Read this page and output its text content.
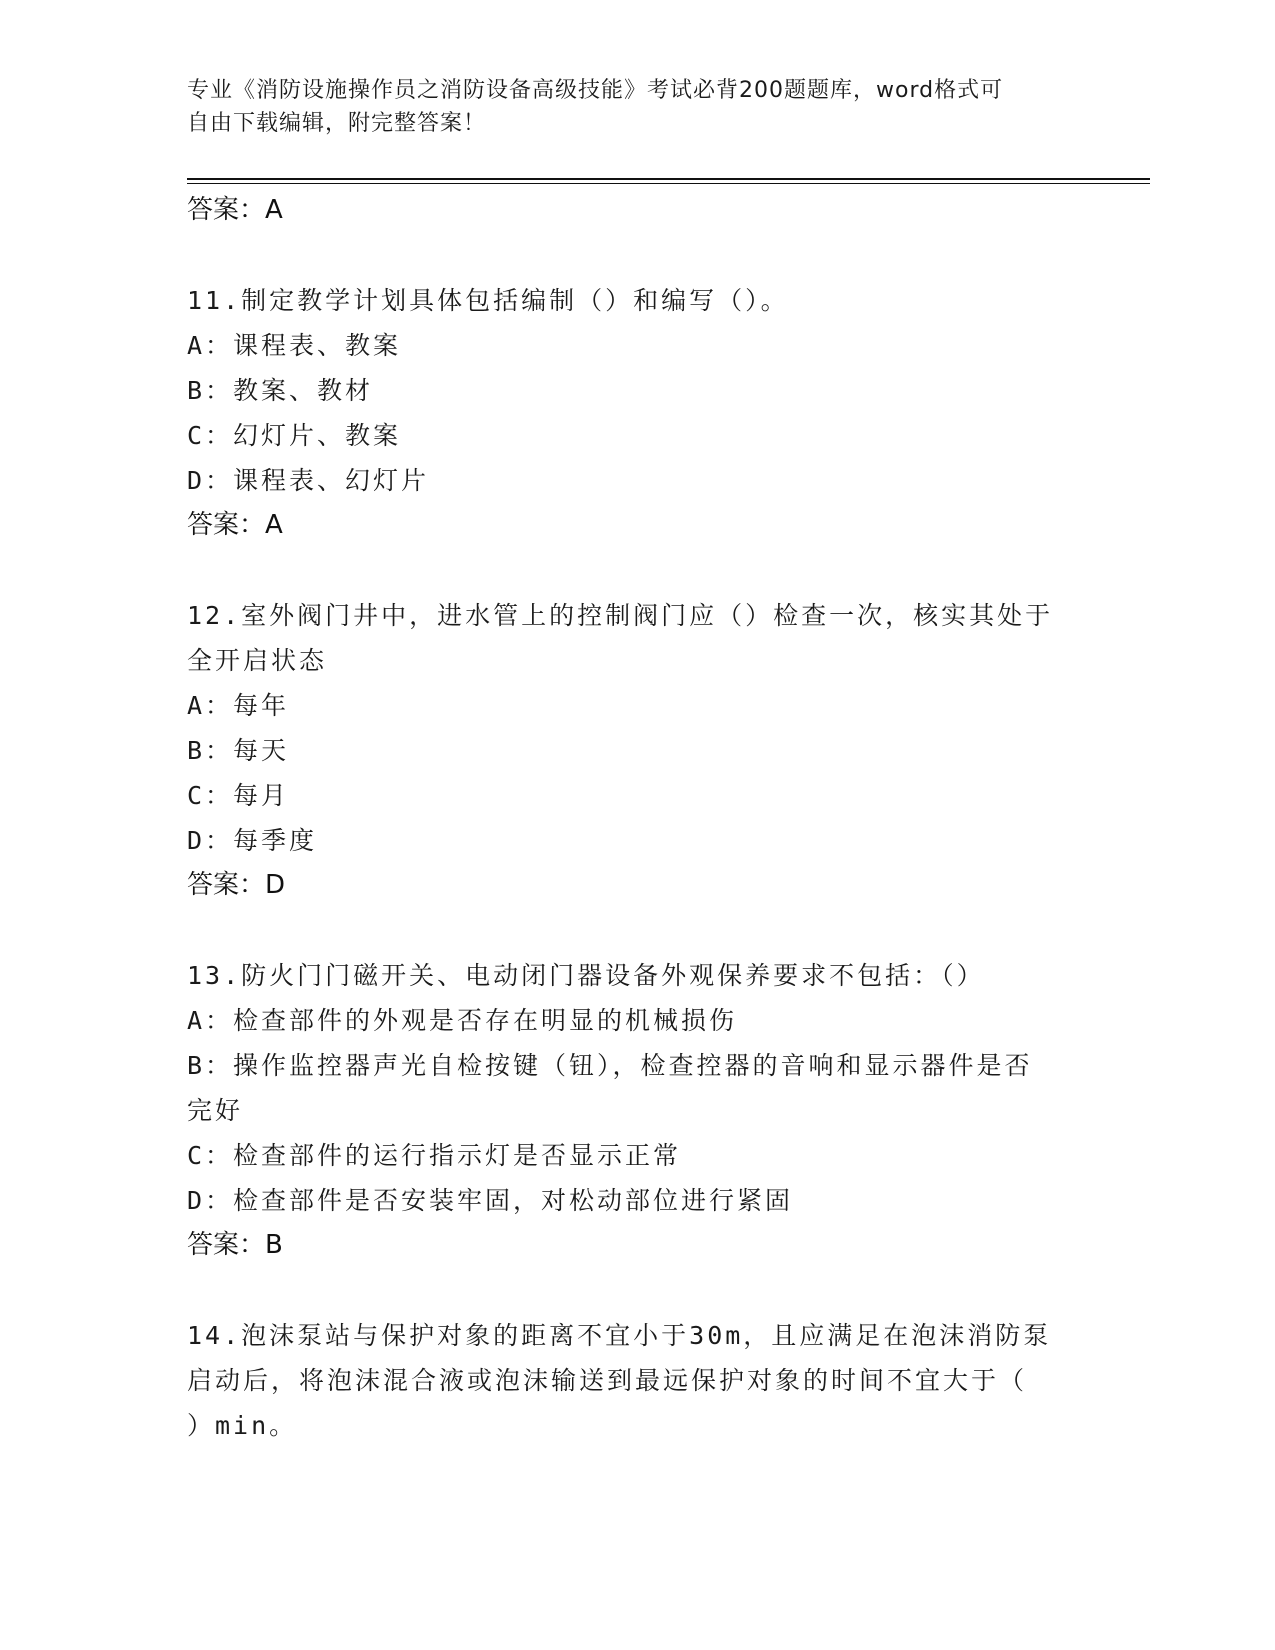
专业《消防设施操作员之消防设备高级技能》考试必背200题题库，word格式可
自由下载编辑，附完整答案！
答案：A
11.制定教学计划具体包括编制（）和编写（）。
A：课程表、教案
B：教案、教材
C：幻灯片、教案
D：课程表、幻灯片
答案：A
12.室外阀门井中，进水管上的控制阀门应（）检查一次，核实其处于
全开启状态
A：每年
B：每天
C：每月
D：每季度
答案：D
13.防火门门磁开关、电动闭门器设备外观保养要求不包括：（）
A：检查部件的外观是否存在明显的机械损伤
B：操作监控器声光自检按键（钮），检查控器的音响和显示器件是否
完好
C：检查部件的运行指示灯是否显示正常
D：检查部件是否安装牢固，对松动部位进行紧固
答案：B
14.泡沫泵站与保护对象的距离不宜小于30m，且应满足在泡沫消防泵
启动后，将泡沫混合液或泡沫输送到最远保护对象的时间不宜大于（
）min。
